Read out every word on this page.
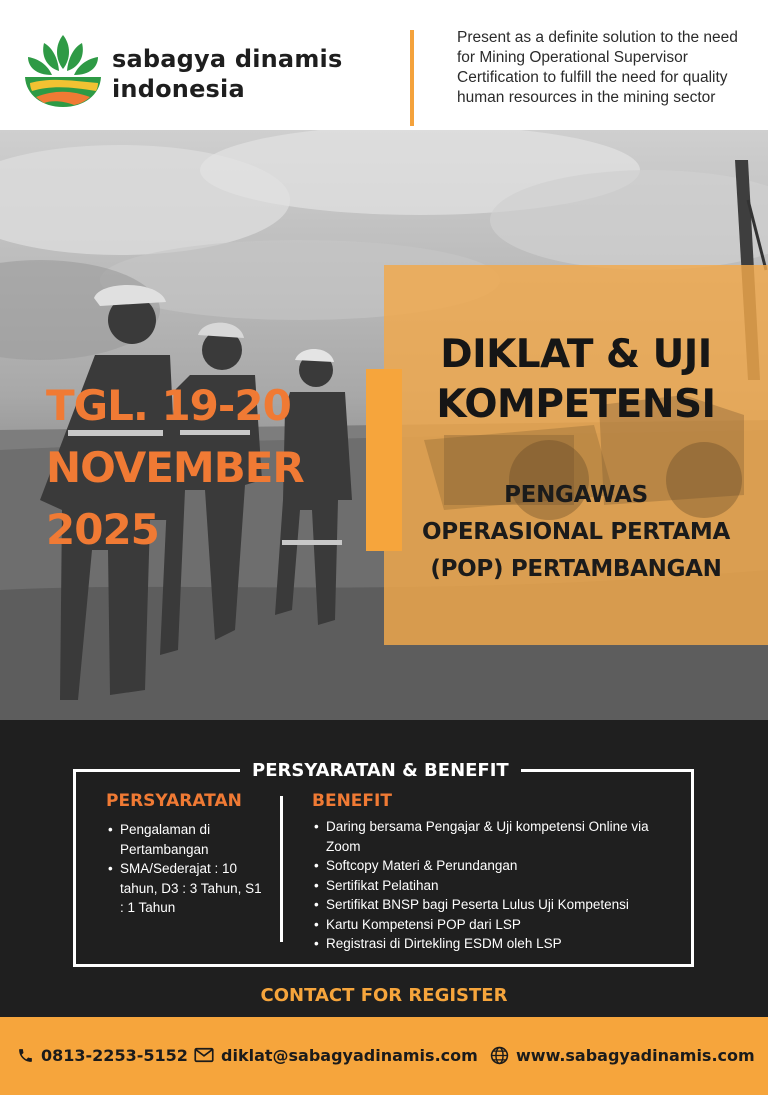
sabagya dinamis
indonesia
Present as a definite solution to the need for Mining Operational Supervisor Certification to fulfill the need for quality human resources in the mining sector
TGL. 19-20
NOVEMBER
2025
DIKLAT & UJI
KOMPETENSI
PENGAWAS
OPERASIONAL PERTAMA
(POP) PERTAMBANGAN
PERSYARATAN & BENEFIT
PERSYARATAN
• Pengalaman di Pertambangan
• SMA/Sederajat : 10 tahun, D3 : 3 Tahun, S1 : 1 Tahun
BENEFIT
• Daring bersama Pengajar & Uji kompetensi Online via Zoom
• Softcopy Materi & Perundangan
• Sertifikat Pelatihan
• Sertifikat BNSP bagi Peserta Lulus Uji Kompetensi
• Kartu Kompetensi POP dari LSP
• Registrasi di Dirtekling ESDM oleh LSP
CONTACT FOR REGISTER
0813-2253-5152 diklat@sabagyadinamis.com www.sabagyadinamis.com
